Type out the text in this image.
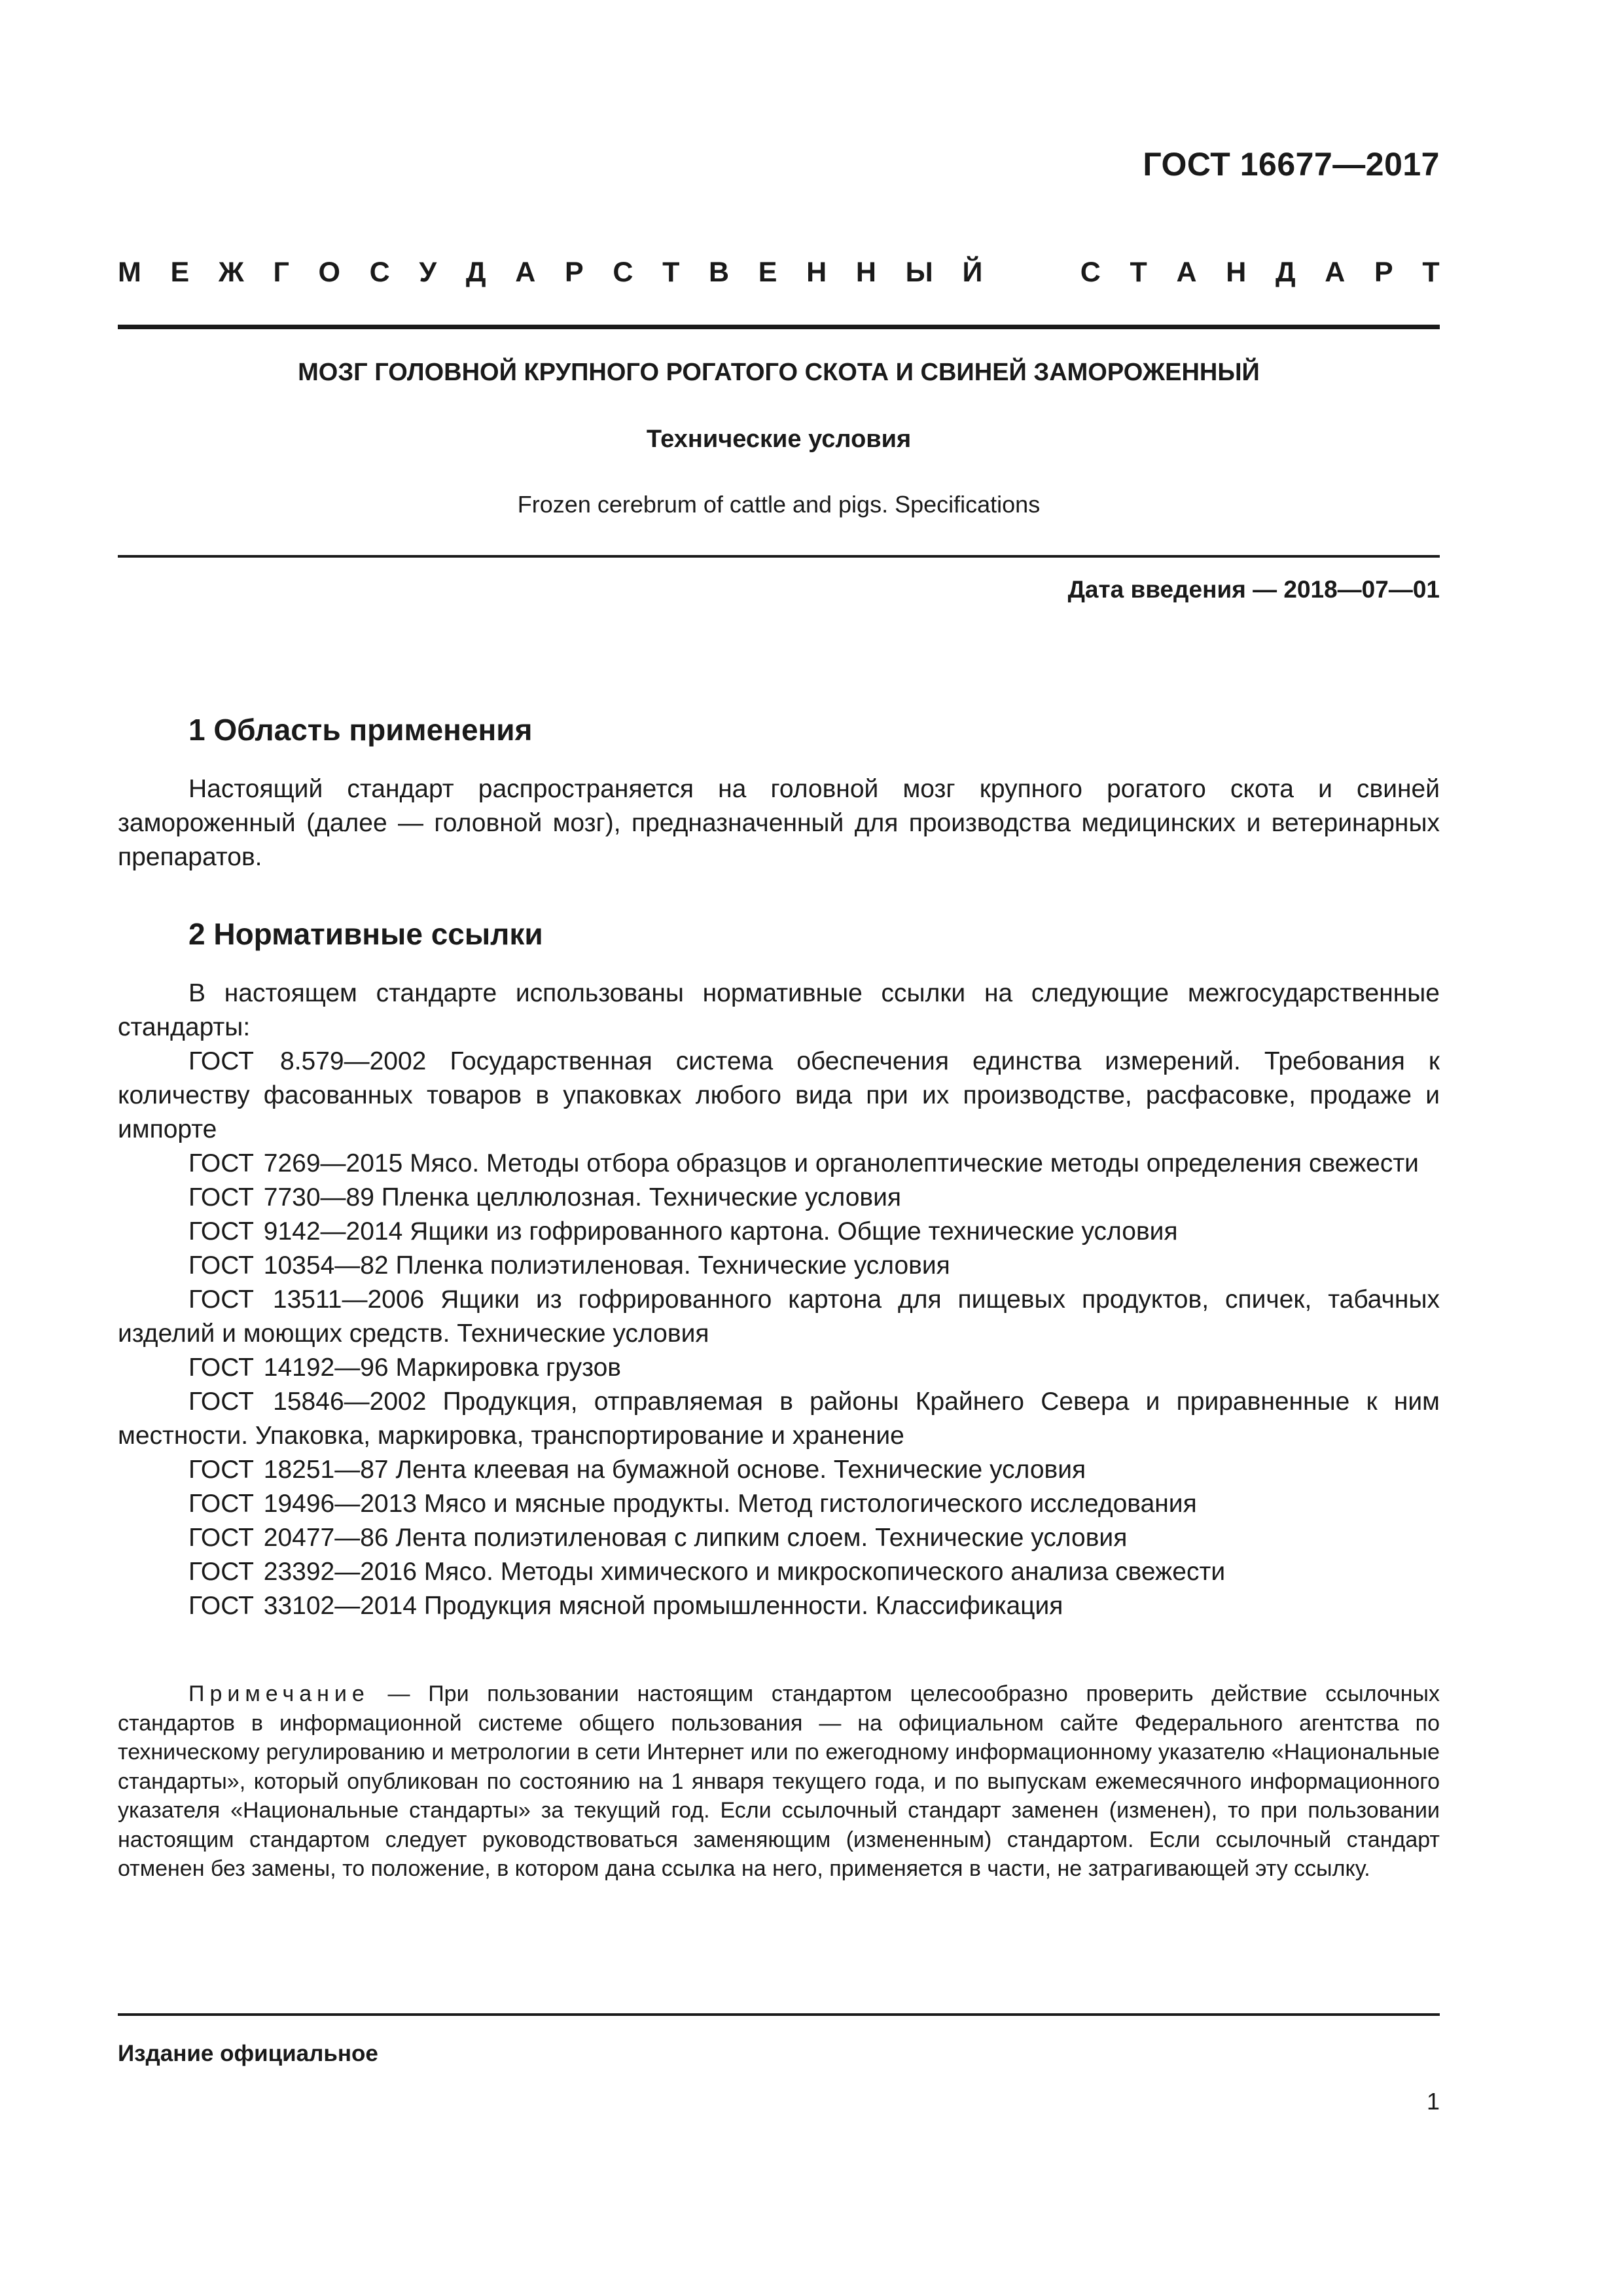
ГОСТ 16677—2017
М Е Ж Г О С У Д А Р С Т В Е Н Н Ы Й	С Т А Н Д А Р Т
МОЗГ ГОЛОВНОЙ КРУПНОГО РОГАТОГО СКОТА И СВИНЕЙ ЗАМОРОЖЕННЫЙ
Технические условия
Frozen cerebrum of cattle and pigs. Specifications
Дата введения — 2018—07—01
1 Область применения

Настоящий стандарт распространяется на головной мозг крупного рогатого скота и свиней замороженный (далее — головной мозг), предназначенный для производства медицинских и ветеринарных препаратов.

2 Нормативные ссылки

В настоящем стандарте использованы нормативные ссылки на следующие межгосударственные стандарты:

ГОСТ 8.579—2002 Государственная система обеспечения единства измерений. Требования к количеству фасованных товаров в упаковках любого вида при их производстве, расфасовке, продаже и импорте

ГОСТ 7269—2015 Мясо. Методы отбора образцов и органолептические методы определения свежести

ГОСТ 7730—89 Пленка целлюлозная. Технические условия

ГОСТ 9142—2014 Ящики из гофрированного картона. Общие технические условия

ГОСТ 10354—82 Пленка полиэтиленовая. Технические условия

ГОСТ 13511—2006 Ящики из гофрированного картона для пищевых продуктов, спичек, табачных изделий и моющих средств. Технические условия

ГОСТ 14192—96 Маркировка грузов

ГОСТ 15846—2002 Продукция, отправляемая в районы Крайнего Севера и приравненные к ним местности. Упаковка, маркировка, транспортирование и хранение

ГОСТ 18251—87 Лента клеевая на бумажной основе. Технические условия

ГОСТ 19496—2013 Мясо и мясные продукты. Метод гистологического исследования

ГОСТ 20477—86 Лента полиэтиленовая с липким слоем. Технические условия

ГОСТ 23392—2016 Мясо. Методы химического и микроскопического анализа свежести

ГОСТ 33102—2014 Продукция мясной промышленности. Классификация

Примечание — При пользовании настоящим стандартом целесообразно проверить действие ссылочных стандартов в информационной системе общего пользования — на официальном сайте Федерального агентства по техническому регулированию и метрологии в сети Интернет или по ежегодному информационному указателю «Национальные стандарты», который опубликован по состоянию на 1 января текущего года, и по выпускам ежемесячного информационного указателя «Национальные стандарты» за текущий год. Если ссылочный стандарт заменен (изменен), то при пользовании настоящим стандартом следует руководствоваться заменяющим (измененным) стандартом. Если ссылочный стандарт отменен без замены, то положение, в котором дана ссылка на него, применяется в части, не затрагивающей эту ссылку.

Издание официальное
1
